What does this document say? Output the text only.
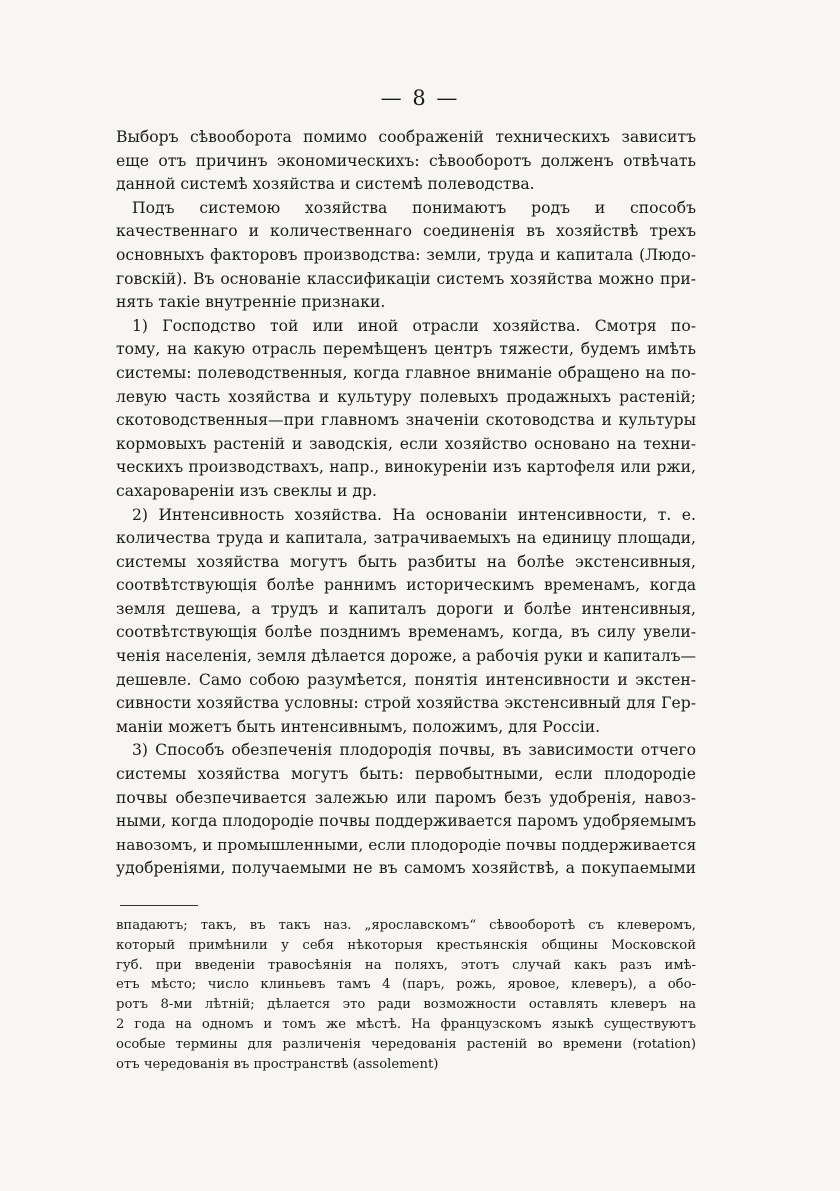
— 8 —
Выборъ сѣвооборота помимо соображенiй техническихъ зависитъ
еще отъ причинъ экономическихъ: сѣвооборотъ долженъ отвѣчать
данной системѣ хозяйства и системѣ полеводства.
Подъ системою хозяйства понимаютъ родъ и способъ
качественнаго и количественнаго соединенiя въ хозяйствѣ трехъ
основныхъ факторовъ производства: земли, труда и капитала (Людо-
говскiй). Въ основанiе классификацiи системъ хозяйства можно при-
нять такiе внутреннiе признаки.
1) Господство той или иной отрасли хозяйства. Смотря по-
тому, на какую отрасль перемѣщенъ центръ тяжести, будемъ имѣть
системы: полеводственныя, когда главное вниманiе обращено на по-
левую часть хозяйства и культуру полевыхъ продажныхъ растенiй;
скотоводственныя—при главномъ значенiи скотоводства и культуры
кормовыхъ растенiй и заводскiя, если хозяйство основано на техни-
ческихъ производствахъ, напр., винокуренiи изъ картофеля или ржи,
сахароваренiи изъ свеклы и др.
2) Интенсивность хозяйства. На основанiи интенсивности, т. е.
количества труда и капитала, затрачиваемыхъ на единицу площади,
системы хозяйства могутъ быть разбиты на болѣе экстенсивныя,
соотвѣтствующiя болѣе раннимъ историческимъ временамъ, когда
земля дешева, а трудъ и капиталъ дороги и болѣе интенсивныя,
соотвѣтствующiя болѣе позднимъ временамъ, когда, въ силу увели-
ченiя населенiя, земля дѣлается дороже, а рабочiя руки и капиталъ—
дешевле. Само собою разумѣется, понятiя интенсивности и экстен-
сивности хозяйства условны: строй хозяйства экстенсивный для Гер-
манiи можетъ быть интенсивнымъ, положимъ, для Россiи.
3) Способъ обезпеченiя плодородiя почвы, въ зависимости отчего
системы хозяйства могутъ быть: первобытными, если плодородiе
почвы обезпечивается залежью или паромъ безъ удобренiя, навоз-
ными, когда плодородiе почвы поддерживается паромъ удобряемымъ
навозомъ, и промышленными, если плодородiе почвы поддерживается
удобренiями, получаемыми не въ самомъ хозяйствѣ, а покупаемыми
впадаютъ; такъ, въ такъ наз. „ярославскомъ“ сѣвооборотѣ съ клеверомъ,
который примѣнили у себя нѣкоторыя крестьянскiя общины Московской
губ. при введенiи травосѣянiя на поляхъ, этотъ случай какъ разъ имѣ-
етъ мѣсто; число клиньевъ тамъ 4 (паръ, рожь, яровое, клеверъ), а обо-
ротъ 8-ми лѣтнiй; дѣлается это ради возможности оставлять клеверъ на
2 года на одномъ и томъ же мѣстѣ. На французскомъ языкѣ существуютъ
особые термины для различенiя чередованiя растенiй во времени (rotation)
отъ чередованiя въ пространствѣ (assolement)
